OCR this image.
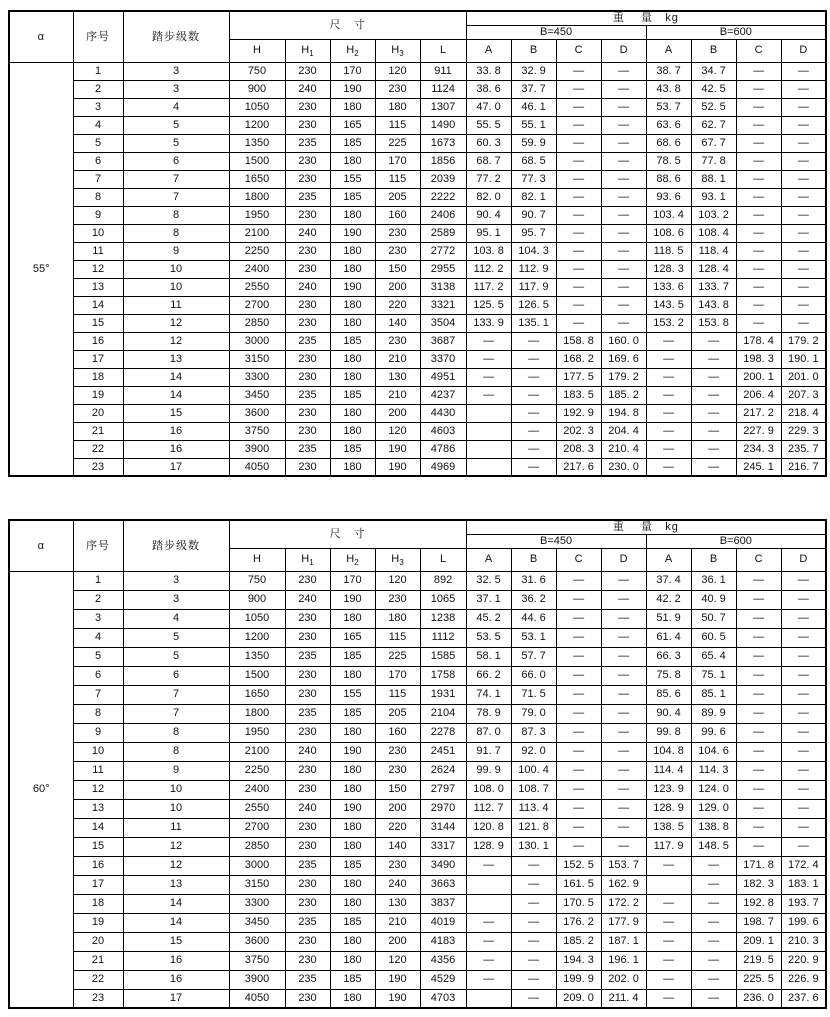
α	序号	踏步级数	尺   寸					重    量   kg							
								B=450				B=600			
			H	$H_1$	$H_2$	$H_3$	L	A	B	C	D	A	B	C	D
55°	1	3	750	230	170	120	911	33. 8	32. 9	—	—	38. 7	34. 7	—	—
	2	3	900	240	190	230	1124	38. 6	37. 7	—	—	43. 8	42. 5	—	—
	3	4	1050	230	180	180	1307	47. 0	46. 1	—	—	53. 7	52. 5	—	—
	4	5	1200	230	165	115	1490	55. 5	55. 1	—	—	63. 6	62. 7	—	—
	5	5	1350	235	185	225	1673	60. 3	59. 9	—	—	68. 6	67. 7	—	—
	6	6	1500	230	180	170	1856	68. 7	68. 5	—	—	78. 5	77. 8	—	—
	7	7	1650	230	155	115	2039	77. 2	77. 3	—	—	88. 6	88. 1	—	—
	8	7	1800	235	185	205	2222	82. 0	82. 1	—	—	93. 6	93. 1	—	—
	9	8	1950	230	180	160	2406	90. 4	90. 7	—	—	103. 4	103. 2	—	—
	10	8	2100	240	190	230	2589	95. 1	95. 7	—	—	108. 6	108. 4	—	—
	11	9	2250	230	180	230	2772	103. 8	104. 3	—	—	118. 5	118. 4	—	—
	12	10	2400	230	180	150	2955	112. 2	112. 9	—	—	128. 3	128. 4	—	—
	13	10	2550	240	190	200	3138	117. 2	117. 9	—	—	133. 6	133. 7	—	—
	14	11	2700	230	180	220	3321	125. 5	126. 5	—	—	143. 5	143. 8	—	—
	15	12	2850	230	180	140	3504	133. 9	135. 1	—	—	153. 2	153. 8	—	—
	16	12	3000	235	185	230	3687	—	—	158. 8	160. 0	—	—	178. 4	179. 2
	17	13	3150	230	180	210	3370	—	—	168. 2	169. 6	—	—	198. 3	190. 1
	18	14	3300	230	180	130	4951	—	—	177. 5	179. 2	—	—	200. 1	201. 0
	19	14	3450	235	185	210	4237	—	—	183. 5	185. 2	—	—	206. 4	207. 3
	20	15	3600	230	180	200	4430		—	192. 9	194. 8	—	—	217. 2	218. 4
	21	16	3750	230	180	120	4603		—	202. 3	204. 4	—	—	227. 9	229. 3
	22	16	3900	235	185	190	4786		—	208. 3	210. 4	—	—	234. 3	235. 7
	23	17	4050	230	180	190	4969		—	217. 6	230. 0	—	—	245. 1	216. 7
α	序号	踏步级数	尺   寸					重    量   kg							
								B=450				B=600			
			H	$H_1$	$H_2$	$H_3$	L	A	B	C	D	A	B	C	D
60°	1	3	750	230	170	120	892	32. 5	31. 6	—	—	37. 4	36. 1	—	—
	2	3	900	240	190	230	1065	37. 1	36. 2	—	—	42. 2	40. 9	—	—
	3	4	1050	230	180	180	1238	45. 2	44. 6	—	—	51. 9	50. 7	—	—
	4	5	1200	230	165	115	1112	53. 5	53. 1	—	—	61. 4	60. 5	—	—
	5	5	1350	235	185	225	1585	58. 1	57. 7	—	—	66. 3	65. 4	—	—
	6	6	1500	230	180	170	1758	66. 2	66. 0	—	—	75. 8	75. 1	—	—
	7	7	1650	230	155	115	1931	74. 1	71. 5	—	—	85. 6	85. 1	—	—
	8	7	1800	235	185	205	2104	78. 9	79. 0	—	—	90. 4	89. 9	—	—
	9	8	1950	230	180	160	2278	87. 0	87. 3	—	—	99. 8	99. 6	—	—
	10	8	2100	240	190	230	2451	91. 7	92. 0	—	—	104. 8	104. 6	—	—
	11	9	2250	230	180	230	2624	99. 9	100. 4	—	—	114. 4	114. 3	—	—
	12	10	2400	230	180	150	2797	108. 0	108. 7	—	—	123. 9	124. 0	—	—
	13	10	2550	240	190	200	2970	112. 7	113. 4	—	—	128. 9	129. 0	—	—
	14	11	2700	230	180	220	3144	120. 8	121. 8	—	—	138. 5	138. 8	—	—
	15	12	2850	230	180	140	3317	128. 9	130. 1	—	—	117. 9	148. 5	—	—
	16	12	3000	235	185	230	3490	—	—	152. 5	153. 7	—	—	171. 8	172. 4
	17	13	3150	230	180	240	3663		—	161. 5	162. 9		—	182. 3	183. 1
	18	14	3300	230	180	130	3837		—	170. 5	172. 2	—	—	192. 8	193. 7
	19	14	3450	235	185	210	4019	—	—	176. 2	177. 9	—	—	198. 7	199. 6
	20	15	3600	230	180	200	4183	—	—	185. 2	187. 1	—	—	209. 1	210. 3
	21	16	3750	230	180	120	4356	—	—	194. 3	196. 1	—	—	219. 5	220. 9
	22	16	3900	235	185	190	4529	—	—	199. 9	202. 0	—	—	225. 5	226. 9
	23	17	4050	230	180	190	4703		—	209. 0	211. 4	—	—	236. 0	237. 6
